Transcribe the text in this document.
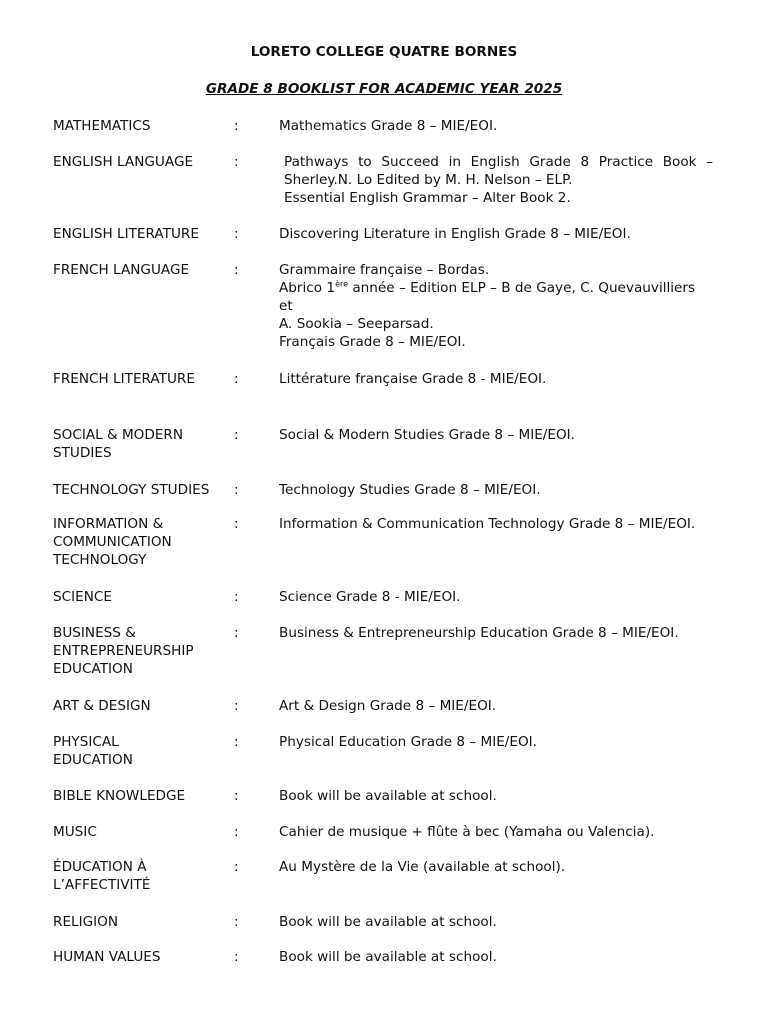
LORETO COLLEGE QUATRE BORNES
GRADE 8 BOOKLIST FOR ACADEMIC YEAR 2025
MATHEMATICS	:	Mathematics Grade 8 – MIE/EOI.
ENGLISH LANGUAGE	:	Pathways to Succeed in English Grade 8 Practice Book –
Sherley.N. Lo Edited by M. H. Nelson – ELP.
Essential English Grammar – Alter Book 2.
ENGLISH LITERATURE	:	Discovering Literature in English Grade 8 – MIE/EOI.
FRENCH LANGUAGE	:	Grammaire française – Bordas.
Abrico 1ère année – Edition ELP – B de Gaye, C. Quevauvilliers et
A. Sookia – Seeparsad.
Français Grade 8 – MIE/EOI.
FRENCH LITERATURE	:	Littérature française Grade 8 - MIE/EOI.
SOCIAL & MODERN
STUDIES
:	Social & Modern Studies Grade 8 – MIE/EOI.
TECHNOLOGY STUDIES :	Technology Studies Grade 8 – MIE/EOI.
INFORMATION &
COMMUNICATION
TECHNOLOGY
:	Information & Communication Technology Grade 8 – MIE/EOI.
SCIENCE	:	Science Grade 8 - MIE/EOI.
BUSINESS &
ENTREPRENEURSHIP
EDUCATION
:	Business & Entrepreneurship Education Grade 8 – MIE/EOI.
ART & DESIGN	:	Art & Design Grade 8 – MIE/EOI.
PHYSICAL
EDUCATION
:	Physical Education Grade 8 – MIE/EOI.
BIBLE KNOWLEDGE	:	Book will be available at school.
MUSIC	:	Cahier de musique + flûte à bec (Yamaha ou Valencia).
ÉDUCATION À
L’AFFECTIVITÉ
:	Au Mystère de la Vie (available at school).
RELIGION	:	Book will be available at school.
HUMAN VALUES	:	Book will be available at school.
